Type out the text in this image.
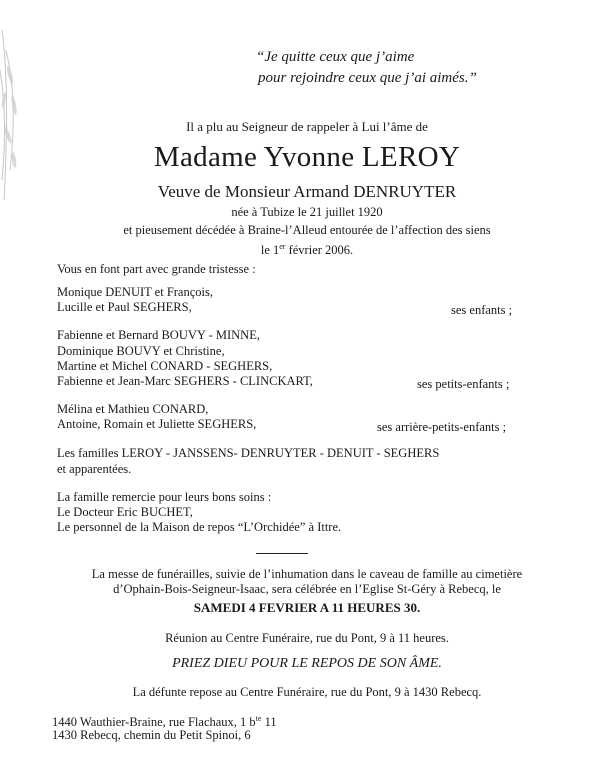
“Je quitte ceux que j’aime
pour rejoindre ceux que j’ai aimés.”
Il a plu au Seigneur de rappeler à Lui l’âme de
Madame Yvonne LEROY
Veuve de Monsieur Armand DENRUYTER
née à Tubize le 21 juillet 1920
et pieusement décédée à Braine-l’Alleud entourée de l’affection des siens
le 1er février 2006.
Vous en font part avec grande tristesse :
Monique DENUIT et François,
Lucille et Paul SEGHERS,	ses enfants ;
Fabienne et Bernard BOUVY - MINNE,
Dominique BOUVY et Christine,
Martine et Michel CONARD - SEGHERS,
Fabienne et Jean-Marc SEGHERS - CLINCKART,	ses petits-enfants ;
Mélina et Mathieu CONARD,
Antoine, Romain et Juliette SEGHERS,	ses arrière-petits-enfants ;
Les familles LEROY - JANSSENS- DENRUYTER - DENUIT - SEGHERS
et apparentées.
La famille remercie pour leurs bons soins :
Le Docteur Eric BUCHET,
Le personnel de la Maison de repos “L’Orchidée” à Ittre.
La messe de funérailles, suivie de l’inhumation dans le caveau de famille au cimetière
d’Ophain-Bois-Seigneur-Isaac, sera célébrée en l’Eglise St-Géry à Rebecq, le
SAMEDI 4 FEVRIER A 11 HEURES 30.
Réunion au Centre Funéraire, rue du Pont, 9 à 11 heures.
PRIEZ DIEU POUR LE REPOS DE SON ÂME.
La défunte repose au Centre Funéraire, rue du Pont, 9 à 1430 Rebecq.
1440 Wauthier-Braine, rue Flachaux, 1 $b^{te}$ 11
1430 Rebecq, chemin du Petit Spinoi, 6
